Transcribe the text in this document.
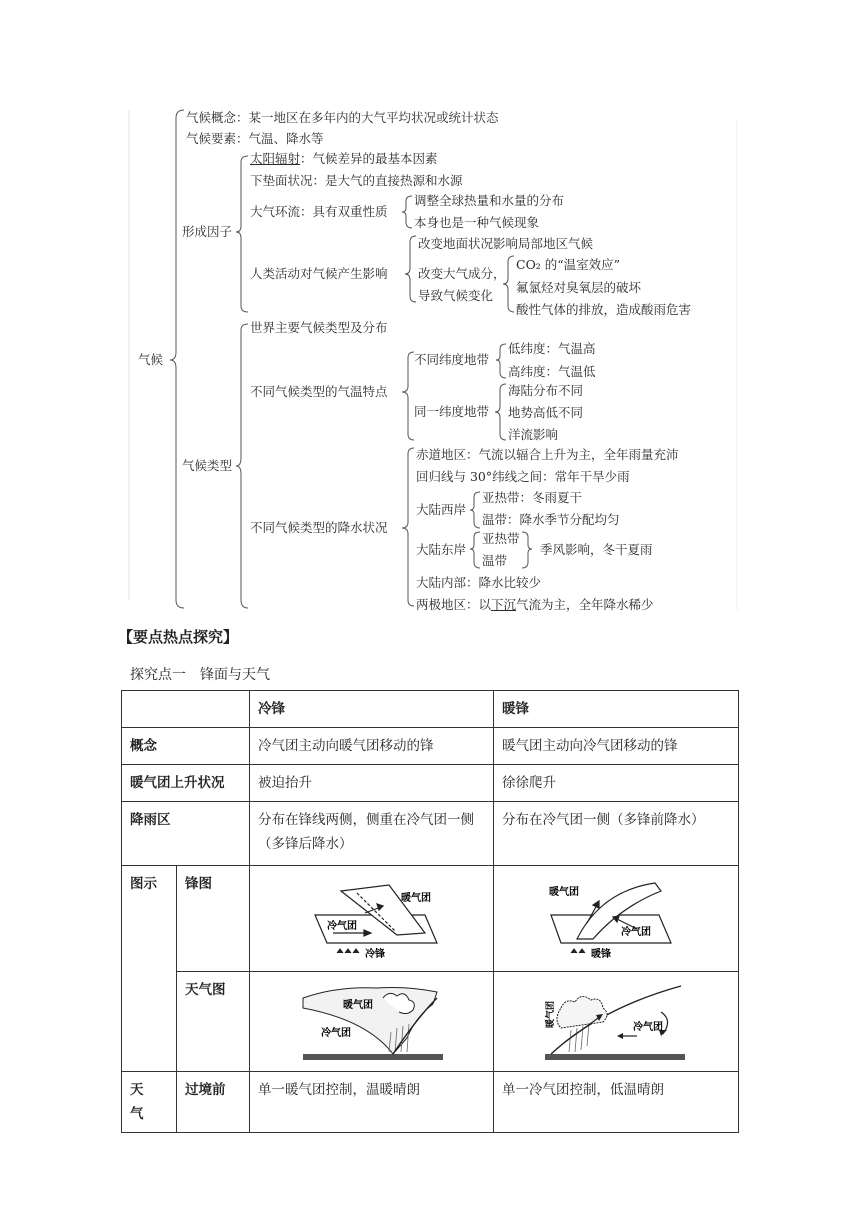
气候
气候概念：某一地区在多年内的大气平均状况或统计状态
气候要素：气温、降水等
形成因子
太阳辐射：气候差异的最基本因素
下垫面状况：是大气的直接热源和水源
大气环流：具有双重性质
调整全球热量和水量的分布
本身也是一种气候现象
人类活动对气候产生影响
改变地面状况影响局部地区气候
改变大气成分，
导致气候变化
CO₂ 的“温室效应”
氟氯烃对臭氧层的破坏
酸性气体的排放，造成酸雨危害
气候类型
世界主要气候类型及分布
不同气候类型的气温特点
不同纬度地带
低纬度：气温高
高纬度：气温低
同一纬度地带
海陆分布不同
地势高低不同
洋流影响
不同气候类型的降水状况
赤道地区：气流以辐合上升为主，全年雨量充沛
回归线与 30°纬线之间：常年干旱少雨
大陆西岸
亚热带：冬雨夏干
温带：降水季节分配均匀
大陆东岸
亚热带
温带
季风影响，冬干夏雨
大陆内部：降水比较少
两极地区：以下沉气流为主，全年降水稀少
【要点热点探究】
探究点一　锋面与天气
		冷锋	暖锋
概念		冷气团主动向暖气团移动的锋	暖气团主动向冷气团移动的锋
暖气团上升状况		被迫抬升	徐徐爬升
降雨区		分布在锋线两侧，侧重在冷气团一侧（多锋后降水）	分布在冷气团一侧（多锋前降水）
图示	锋图	暖气团
冷气团
冷锋	暖气团
冷气团
暖锋

	天气图	暖气团
冷气团	暖气团 冷气团

天　气	过境前	单一暖气团控制，温暖晴朗	单一冷气团控制，低温晴朗
